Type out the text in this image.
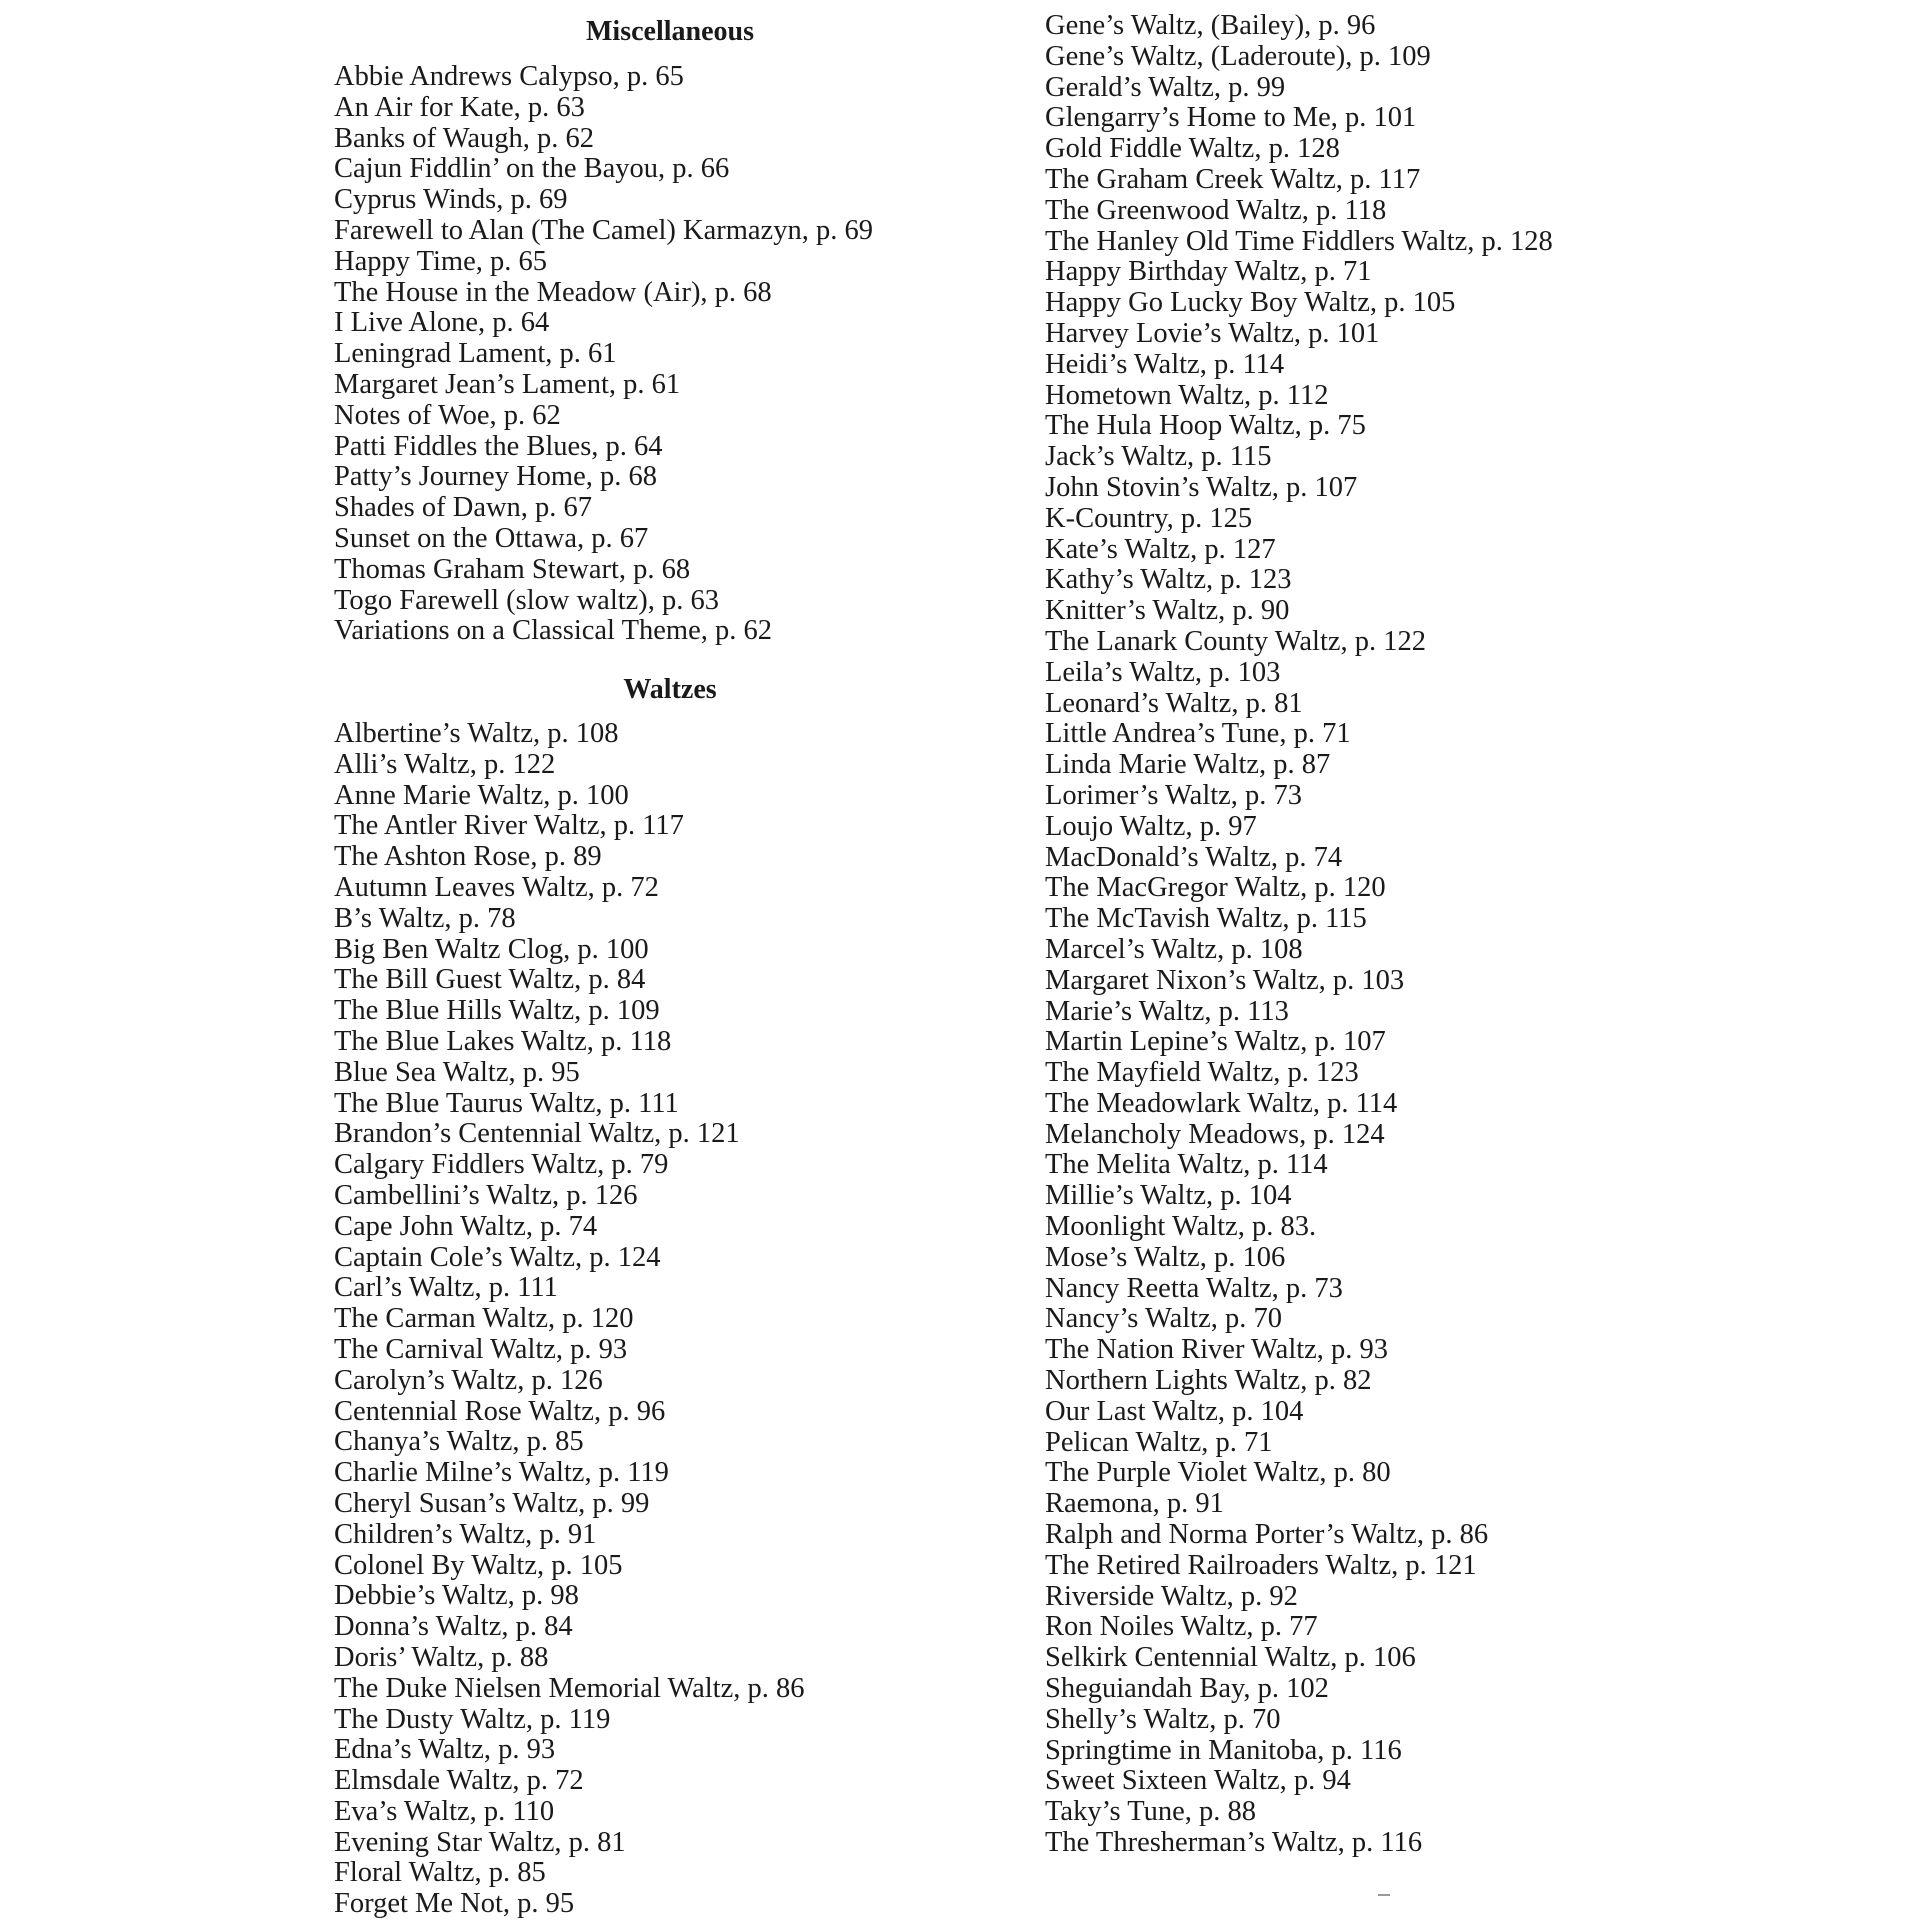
Miscellaneous
Abbie Andrews Calypso, p. 65
An Air for Kate, p. 63
Banks of Waugh, p. 62
Cajun Fiddlin’ on the Bayou, p. 66
Cyprus Winds, p. 69
Farewell to Alan (The Camel) Karmazyn, p. 69
Happy Time, p. 65
The House in the Meadow (Air), p. 68
I Live Alone, p. 64
Leningrad Lament, p. 61
Margaret Jean’s Lament, p. 61
Notes of Woe, p. 62
Patti Fiddles the Blues, p. 64
Patty’s Journey Home, p. 68
Shades of Dawn, p. 67
Sunset on the Ottawa, p. 67
Thomas Graham Stewart, p. 68
Togo Farewell (slow waltz), p. 63
Variations on a Classical Theme, p. 62
Waltzes
Albertine’s Waltz, p. 108
Alli’s Waltz, p. 122
Anne Marie Waltz, p. 100
The Antler River Waltz, p. 117
The Ashton Rose, p. 89
Autumn Leaves Waltz, p. 72
B’s Waltz, p. 78
Big Ben Waltz Clog, p. 100
The Bill Guest Waltz, p. 84
The Blue Hills Waltz, p. 109
The Blue Lakes Waltz, p. 118
Blue Sea Waltz, p. 95
The Blue Taurus Waltz, p. 111
Brandon’s Centennial Waltz, p. 121
Calgary Fiddlers Waltz, p. 79
Cambellini’s Waltz, p. 126
Cape John Waltz, p. 74
Captain Cole’s Waltz, p. 124
Carl’s Waltz, p. 111
The Carman Waltz, p. 120
The Carnival Waltz, p. 93
Carolyn’s Waltz, p. 126
Centennial Rose Waltz, p. 96
Chanya’s Waltz, p. 85
Charlie Milne’s Waltz, p. 119
Cheryl Susan’s Waltz, p. 99
Children’s Waltz, p. 91
Colonel By Waltz, p. 105
Debbie’s Waltz, p. 98
Donna’s Waltz, p. 84
Doris’ Waltz, p. 88
The Duke Nielsen Memorial Waltz, p. 86
The Dusty Waltz, p. 119
Edna’s Waltz, p. 93
Elmsdale Waltz, p. 72
Eva’s Waltz, p. 110
Evening Star Waltz, p. 81
Floral Waltz, p. 85
Forget Me Not, p. 95
Gene’s Waltz, (Bailey), p. 96
Gene’s Waltz, (Laderoute), p. 109
Gerald’s Waltz, p. 99
Glengarry’s Home to Me, p. 101
Gold Fiddle Waltz, p. 128
The Graham Creek Waltz, p. 117
The Greenwood Waltz, p. 118
The Hanley Old Time Fiddlers Waltz, p. 128
Happy Birthday Waltz, p. 71
Happy Go Lucky Boy Waltz, p. 105
Harvey Lovie’s Waltz, p. 101
Heidi’s Waltz, p. 114
Hometown Waltz, p. 112
The Hula Hoop Waltz, p. 75
Jack’s Waltz, p. 115
John Stovin’s Waltz, p. 107
K-Country, p. 125
Kate’s Waltz, p. 127
Kathy’s Waltz, p. 123
Knitter’s Waltz, p. 90
The Lanark County Waltz, p. 122
Leila’s Waltz, p. 103
Leonard’s Waltz, p. 81
Little Andrea’s Tune, p. 71
Linda Marie Waltz, p. 87
Lorimer’s Waltz, p. 73
Loujo Waltz, p. 97
MacDonald’s Waltz, p. 74
The MacGregor Waltz, p. 120
The McTavish Waltz, p. 115
Marcel’s Waltz, p. 108
Margaret Nixon’s Waltz, p. 103
Marie’s Waltz, p. 113
Martin Lepine’s Waltz, p. 107
The Mayfield Waltz, p. 123
The Meadowlark Waltz, p. 114
Melancholy Meadows, p. 124
The Melita Waltz, p. 114
Millie’s Waltz, p. 104
Moonlight Waltz, p. 83.
Mose’s Waltz, p. 106
Nancy Reetta Waltz, p. 73
Nancy’s Waltz, p. 70
The Nation River Waltz, p. 93
Northern Lights Waltz, p. 82
Our Last Waltz, p. 104
Pelican Waltz, p. 71
The Purple Violet Waltz, p. 80
Raemona, p. 91
Ralph and Norma Porter’s Waltz, p. 86
The Retired Railroaders Waltz, p. 121
Riverside Waltz, p. 92
Ron Noiles Waltz, p. 77
Selkirk Centennial Waltz, p. 106
Sheguiandah Bay, p. 102
Shelly’s Waltz, p. 70
Springtime in Manitoba, p. 116
Sweet Sixteen Waltz, p. 94
Taky’s Tune, p. 88
The Thresherman’s Waltz, p. 116
